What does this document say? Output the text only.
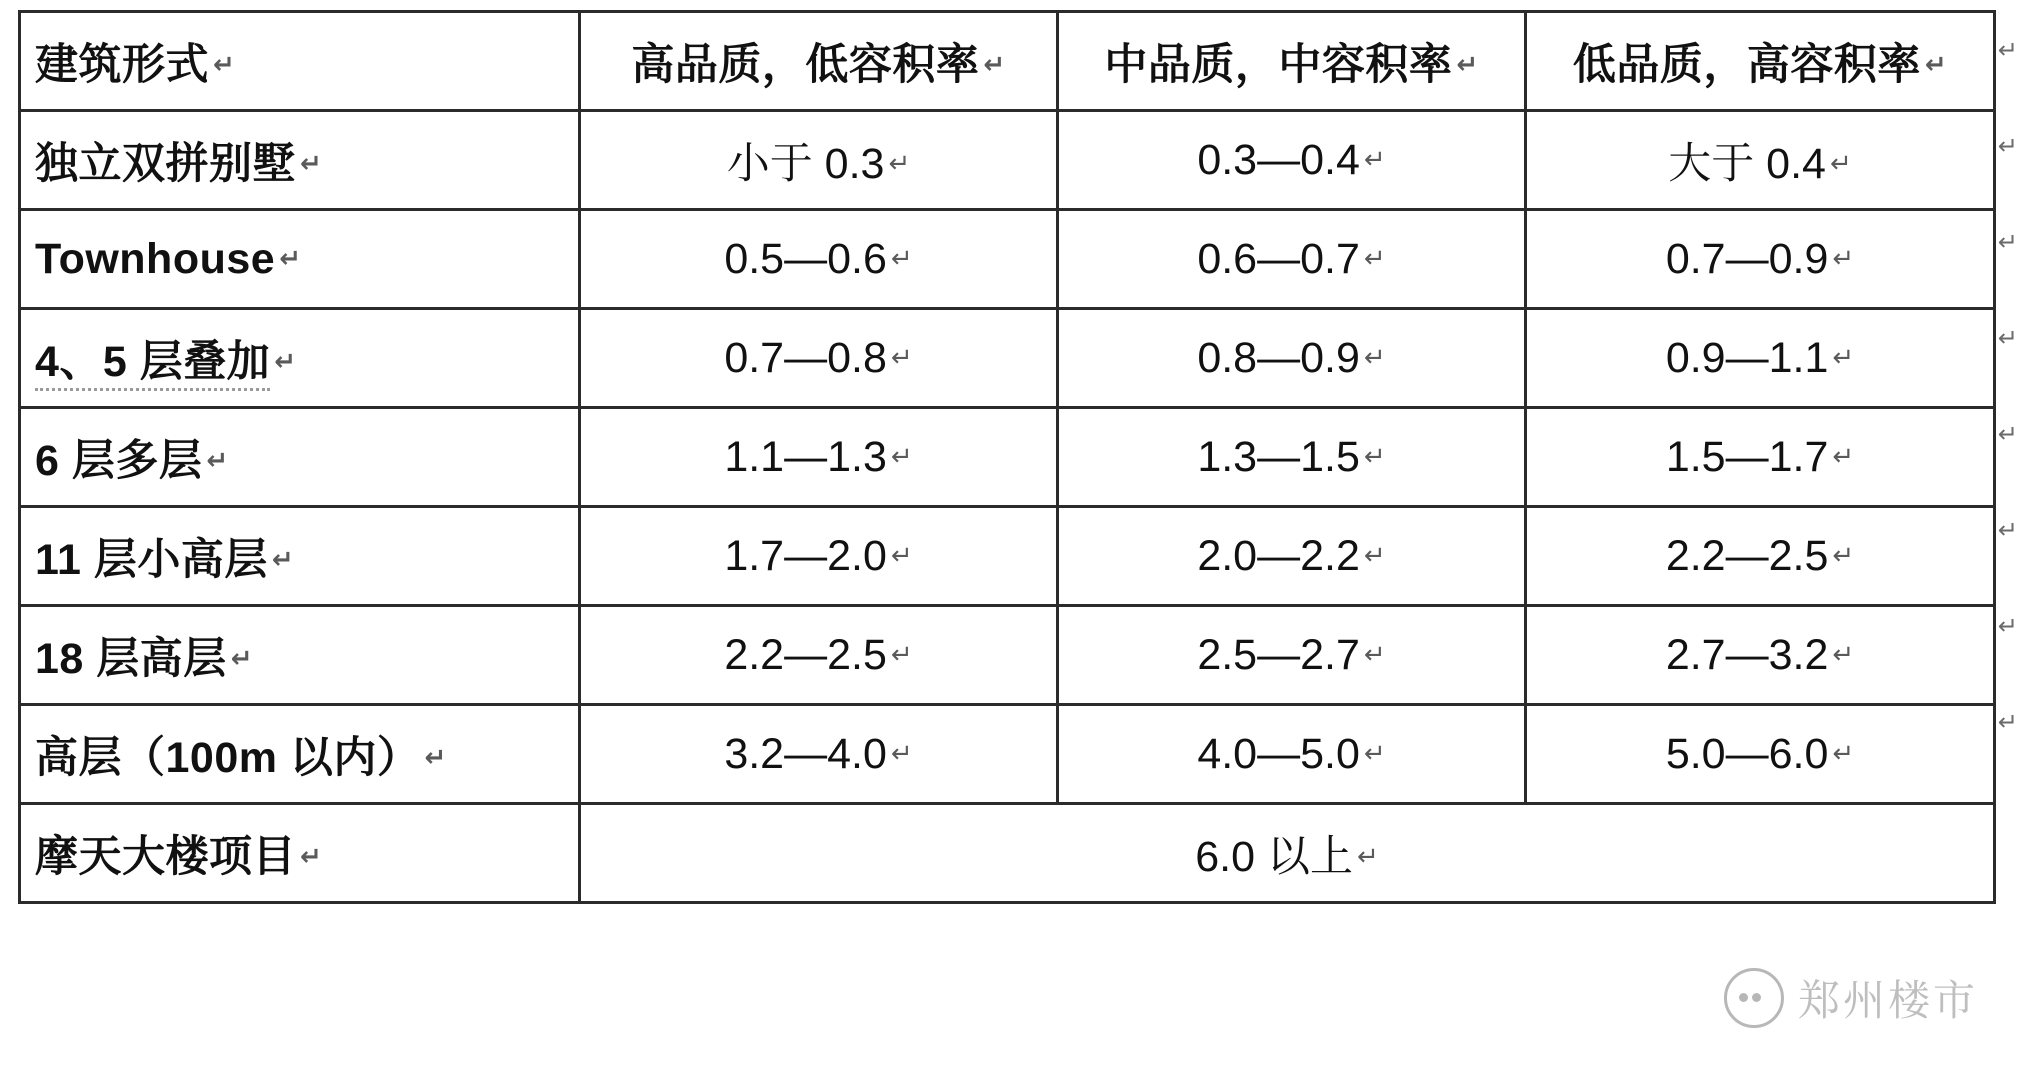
建筑形式 ↵	高品质，低容积率 ↵	中品质，中容积率 ↵	低品质，高容积率 ↵
独立双拼别墅 ↵	小于 0.3 ↵	0.3—0.4 ↵	大于 0.4 ↵
Townhouse ↵	0.5—0.6 ↵	0.6—0.7 ↵	0.7—0.9 ↵
4、5 层叠加 ↵	0.7—0.8 ↵	0.8—0.9 ↵	0.9—1.1 ↵
6 层多层 ↵	1.1—1.3 ↵	1.3—1.5 ↵	1.5—1.7 ↵
11 层小高层 ↵	1.7—2.0 ↵	2.0—2.2 ↵	2.2—2.5 ↵
18 层高层 ↵	2.2—2.5 ↵	2.5—2.7 ↵	2.7—3.2 ↵
高层（100m 以内） ↵	3.2—4.0 ↵	4.0—5.0 ↵	5.0—6.0 ↵
摩天大楼项目 ↵	6.0 以上 ↵		
↵
↵
↵
↵
↵
↵
↵
↵
郑州楼市
